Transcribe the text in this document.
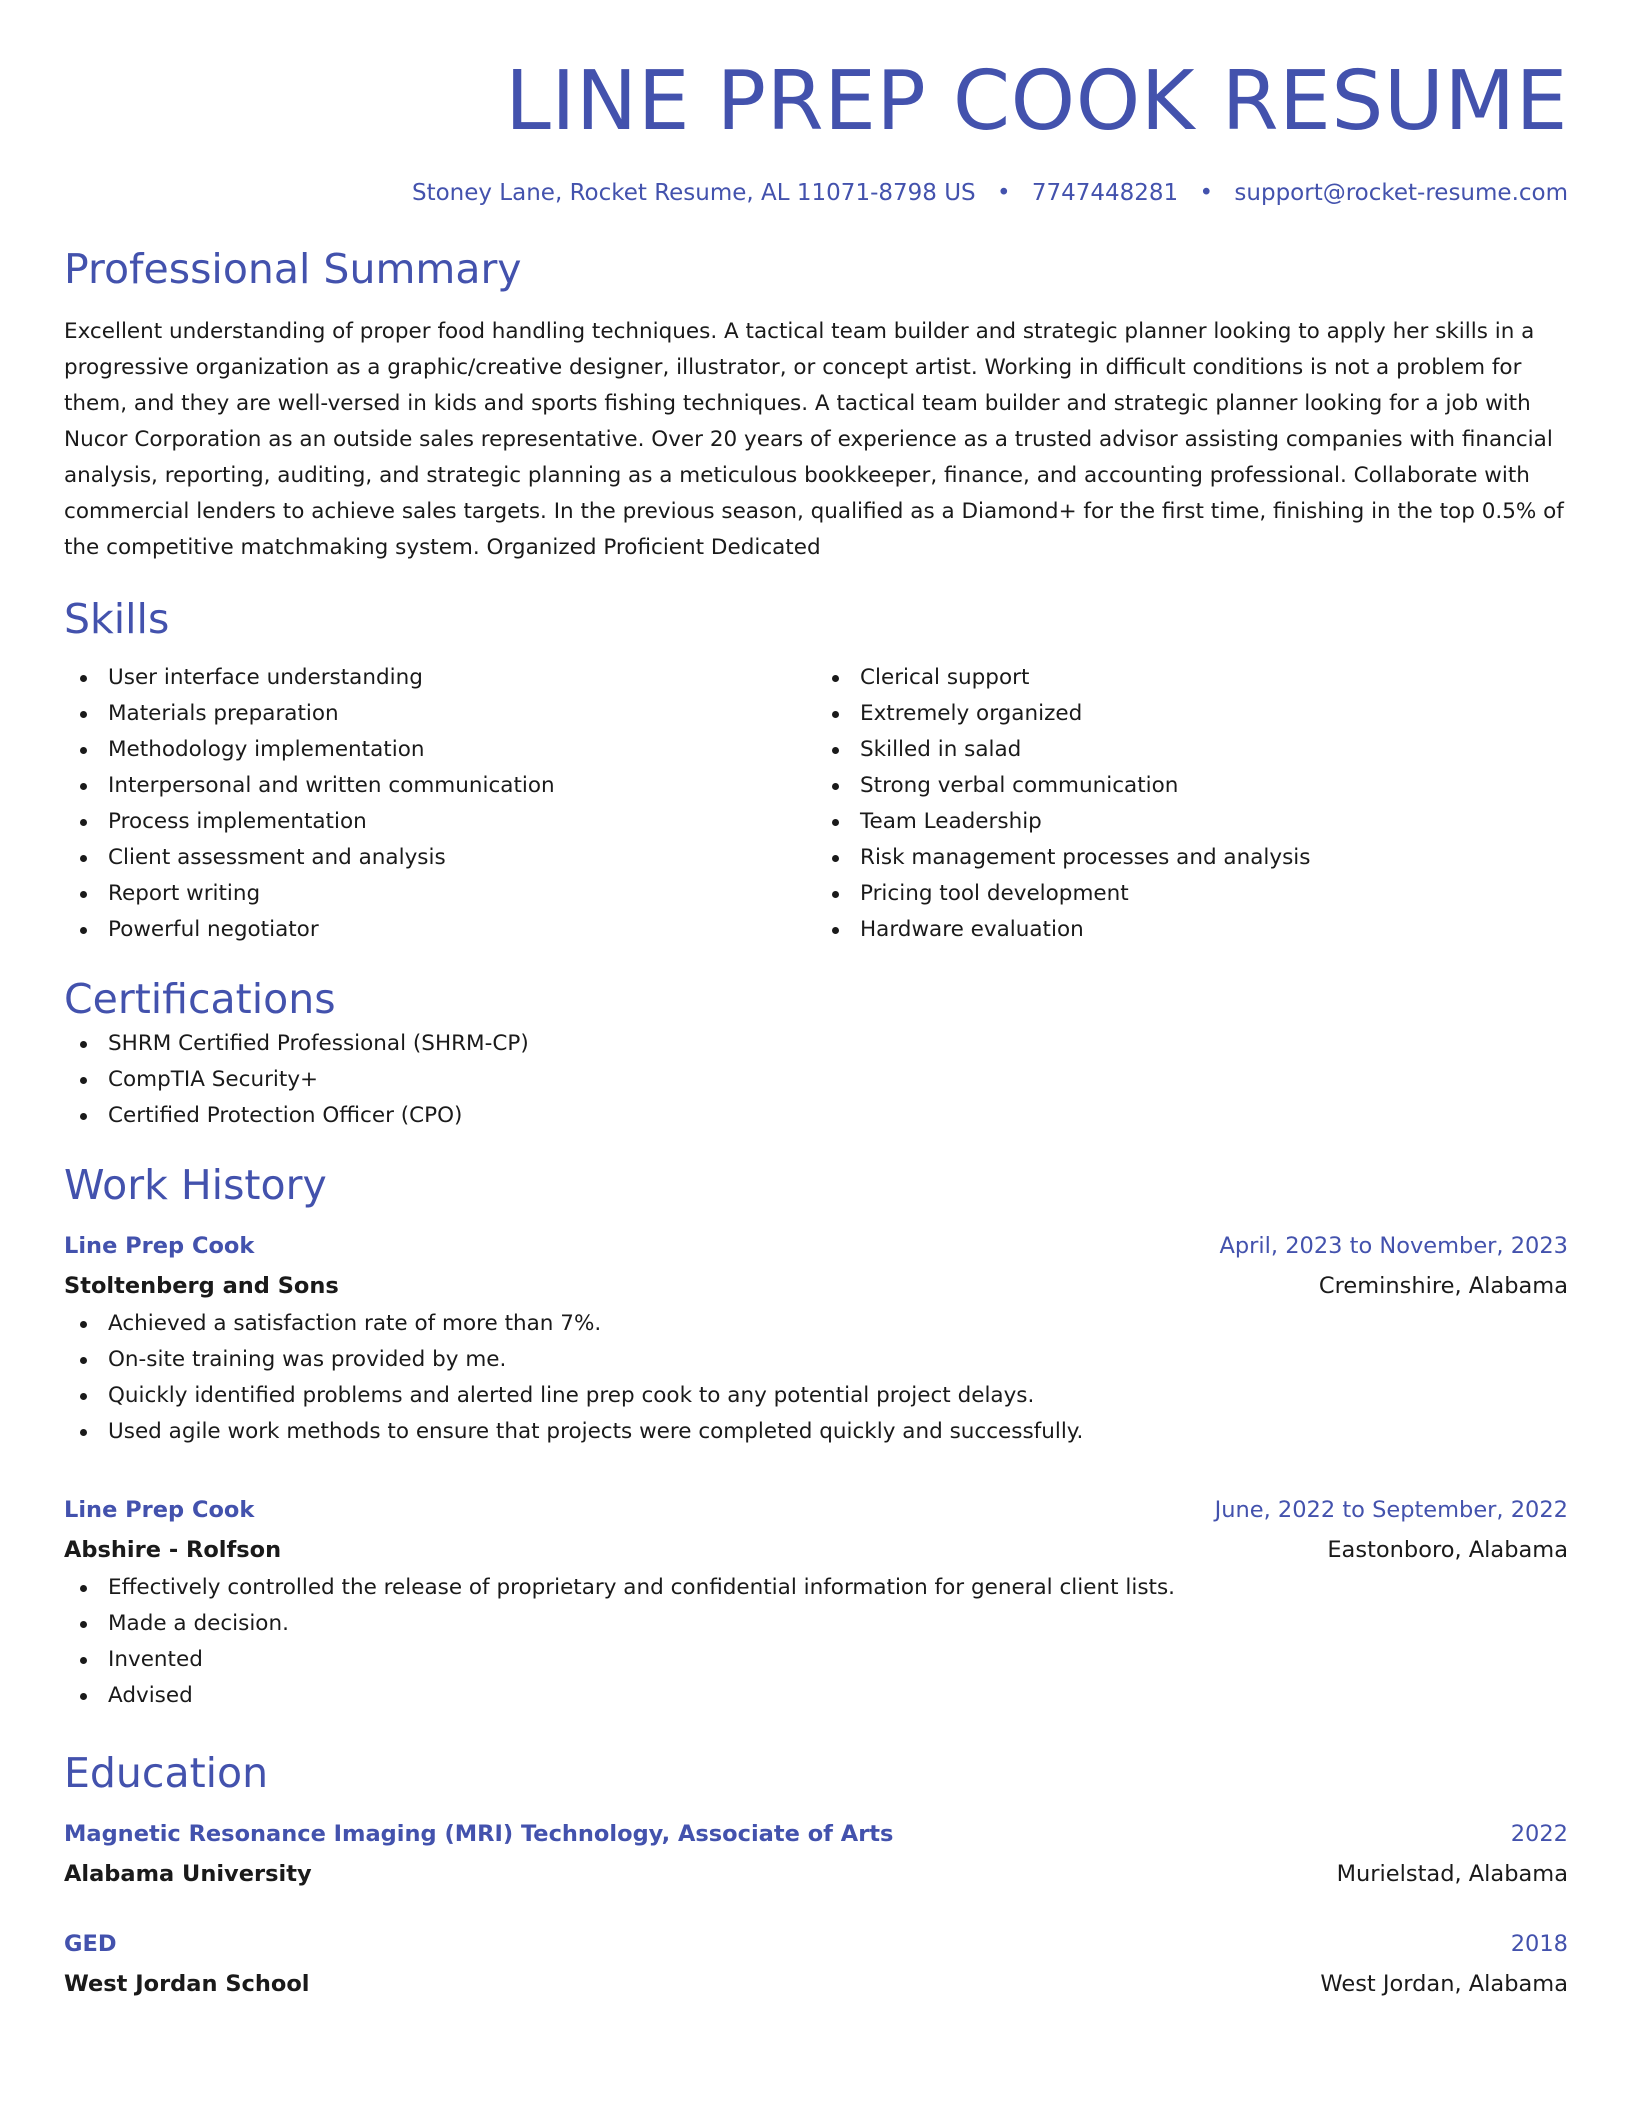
LINE PREP COOK RESUME
Stoney Lane, Rocket Resume, AL 11071-8798 US • 7747448281 • support@rocket-resume.com
Professional Summary

Excellent understanding of proper food handling techniques. A tactical team builder and strategic planner looking to apply her skills in a progressive organization as a graphic/creative designer, illustrator, or concept artist. Working in difficult conditions is not a problem for them, and they are well-versed in kids and sports fishing techniques. A tactical team builder and strategic planner looking for a job with Nucor Corporation as an outside sales representative. Over 20 years of experience as a trusted advisor assisting companies with financial analysis, reporting, auditing, and strategic planning as a meticulous bookkeeper, finance, and accounting professional. Collaborate with commercial lenders to achieve sales targets. In the previous season, qualified as a Diamond+ for the first time, finishing in the top 0.5% of the competitive matchmaking system. Organized Proficient Dedicated

Skills
User interface understanding
Materials preparation
Methodology implementation
Interpersonal and written communication
Process implementation
Client assessment and analysis
Report writing
Powerful negotiator
Clerical support
Extremely organized
Skilled in salad
Strong verbal communication
Team Leadership
Risk management processes and analysis
Pricing tool development
Hardware evaluation
Certifications
SHRM Certified Professional (SHRM-CP)
CompTIA Security+
Certified Protection Officer (CPO)
Work History
Line Prep Cook	April, 2023 to November, 2023
Stoltenberg and Sons	Creminshire, Alabama
Achieved a satisfaction rate of more than 7%.
On-site training was provided by me.
Quickly identified problems and alerted line prep cook to any potential project delays.
Used agile work methods to ensure that projects were completed quickly and successfully.
Line Prep Cook	June, 2022 to September, 2022
Abshire - Rolfson	Eastonboro, Alabama
Effectively controlled the release of proprietary and confidential information for general client lists.
Made a decision.
Invented
Advised
Education
Magnetic Resonance Imaging (MRI) Technology, Associate of Arts	2022
Alabama University	Murielstad, Alabama
GED	2018
West Jordan School	West Jordan, Alabama
